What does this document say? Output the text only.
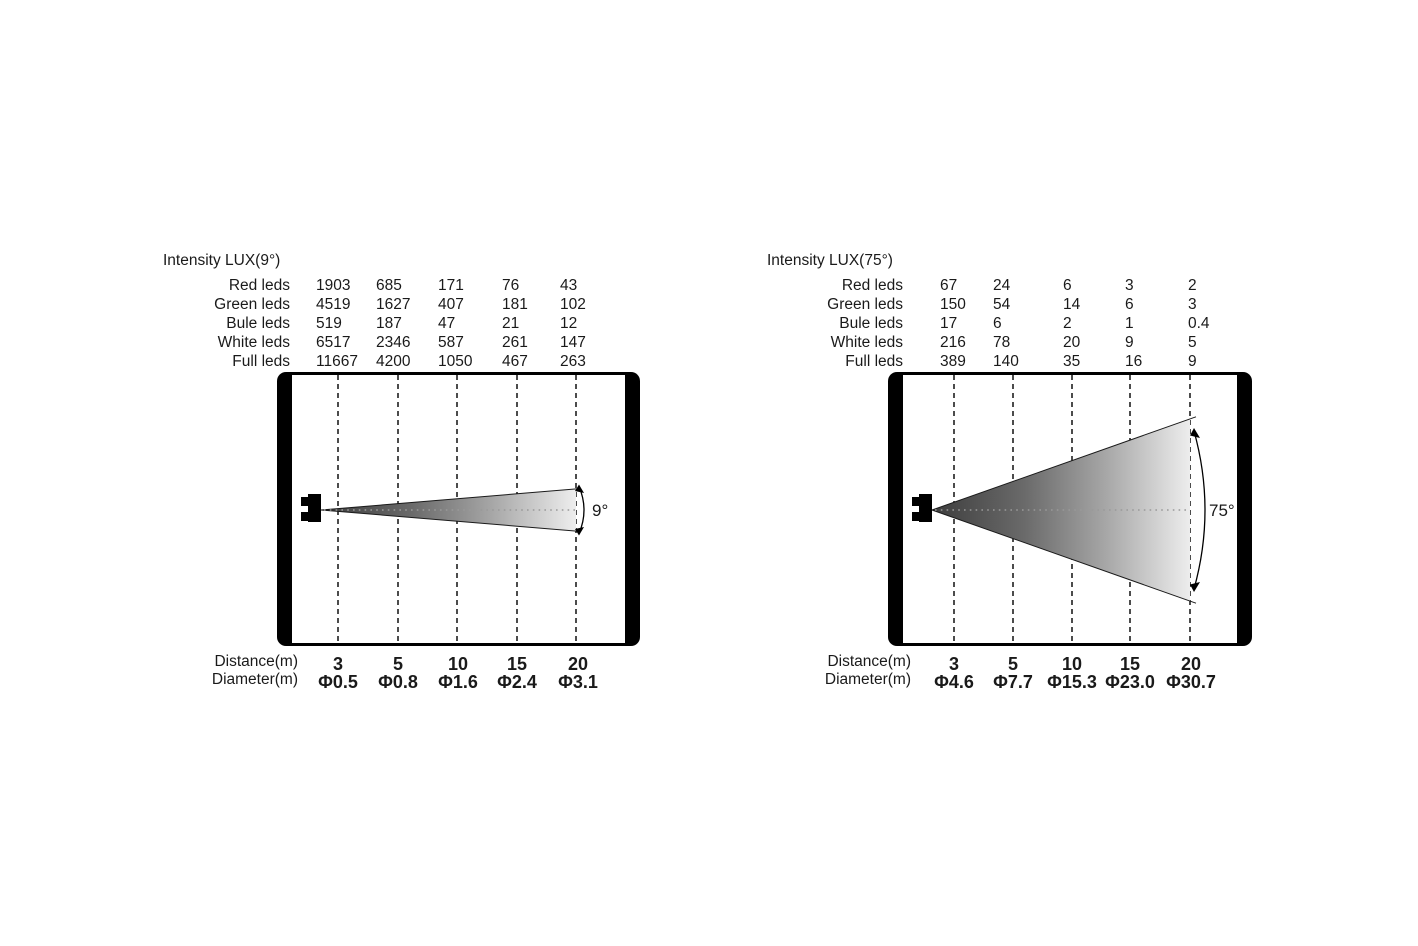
Intensity LUX(9°)
Red leds 1903 685 171 76	43
Green leds 4519 1627 407 181 102
Bule leds 519 187 47	21	12
White leds 6517 2346 587 261 147
Full leds 11667 4200 1050 467 263
9°
Distance(m)
Diameter(m)
3	5	10	15	20
Φ0.5	Φ0.8	Φ1.6	Φ2.4	Φ3.1
Intensity LUX(75°)
Red leds 67 24	6	3	2
Green leds 150 54	14	6	3
Bule leds 17 6	2	1	0.4
White leds 216 78	20	9	5
Full leds 389 140	35	16	9
75°
Distance(m)
Diameter(m)
3	5	10	15	20
Φ4.6	Φ7.7 Φ15.3 Φ23.0 Φ30.7
